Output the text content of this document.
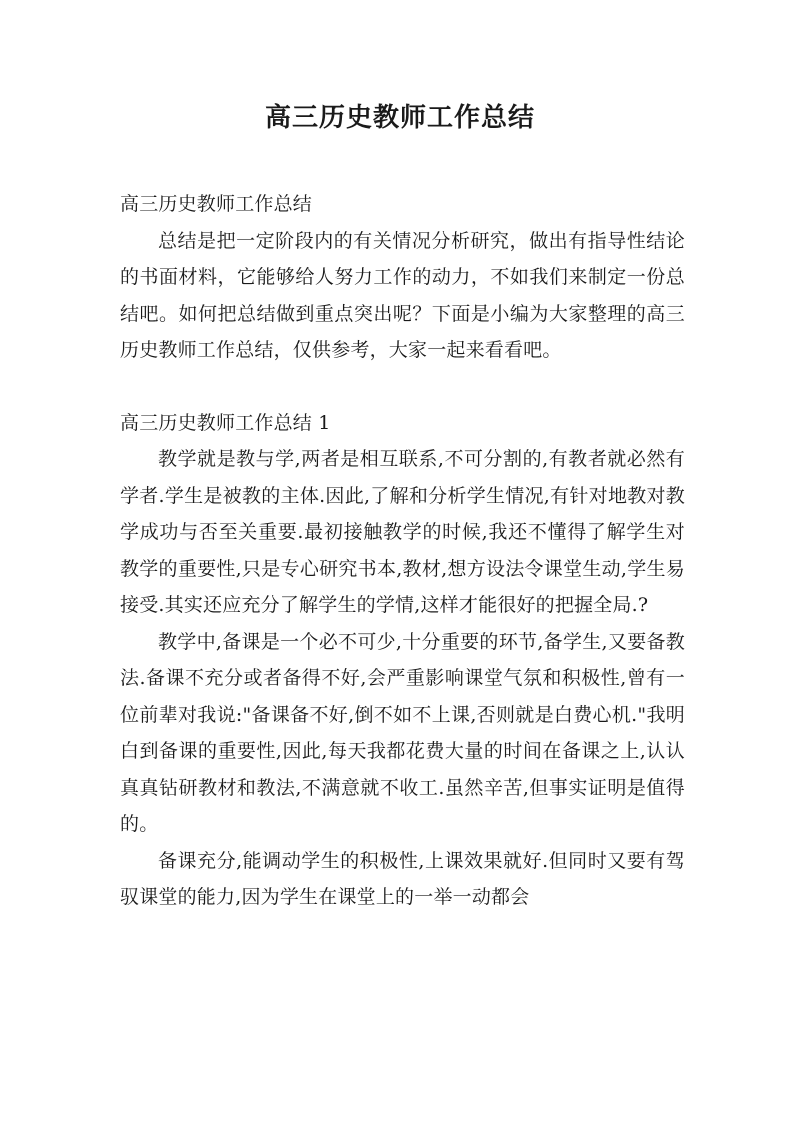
高三历史教师工作总结

高三历史教师工作总结

总结是把一定阶段内的有关情况分析研究，做出有指导性结论的书面材料，它能够给人努力工作的动力，不如我们来制定一份总结吧。如何把总结做到重点突出呢？下面是小编为大家整理的高三历史教师工作总结，仅供参考，大家一起来看看吧。

高三历史教师工作总结 1

教学就是教与学,两者是相互联系,不可分割的,有教者就必然有学者.学生是被教的主体.因此,了解和分析学生情况,有针对地教对教学成功与否至关重要.最初接触教学的时候,我还不懂得了解学生对教学的重要性,只是专心研究书本,教材,想方设法令课堂生动,学生易接受.其实还应充分了解学生的学情,这样才能很好的把握全局.?

教学中,备课是一个必不可少,十分重要的环节,备学生,又要备教法.备课不充分或者备得不好,会严重影响课堂气氛和积极性,曾有一位前辈对我说:"备课备不好,倒不如不上课,否则就是白费心机."我明白到备课的重要性,因此,每天我都花费大量的时间在备课之上,认认真真钻研教材和教法,不满意就不收工.虽然辛苦,但事实证明是值得的。

备课充分,能调动学生的积极性,上课效果就好.但同时又要有驾驭课堂的能力,因为学生在课堂上的一举一动都会
